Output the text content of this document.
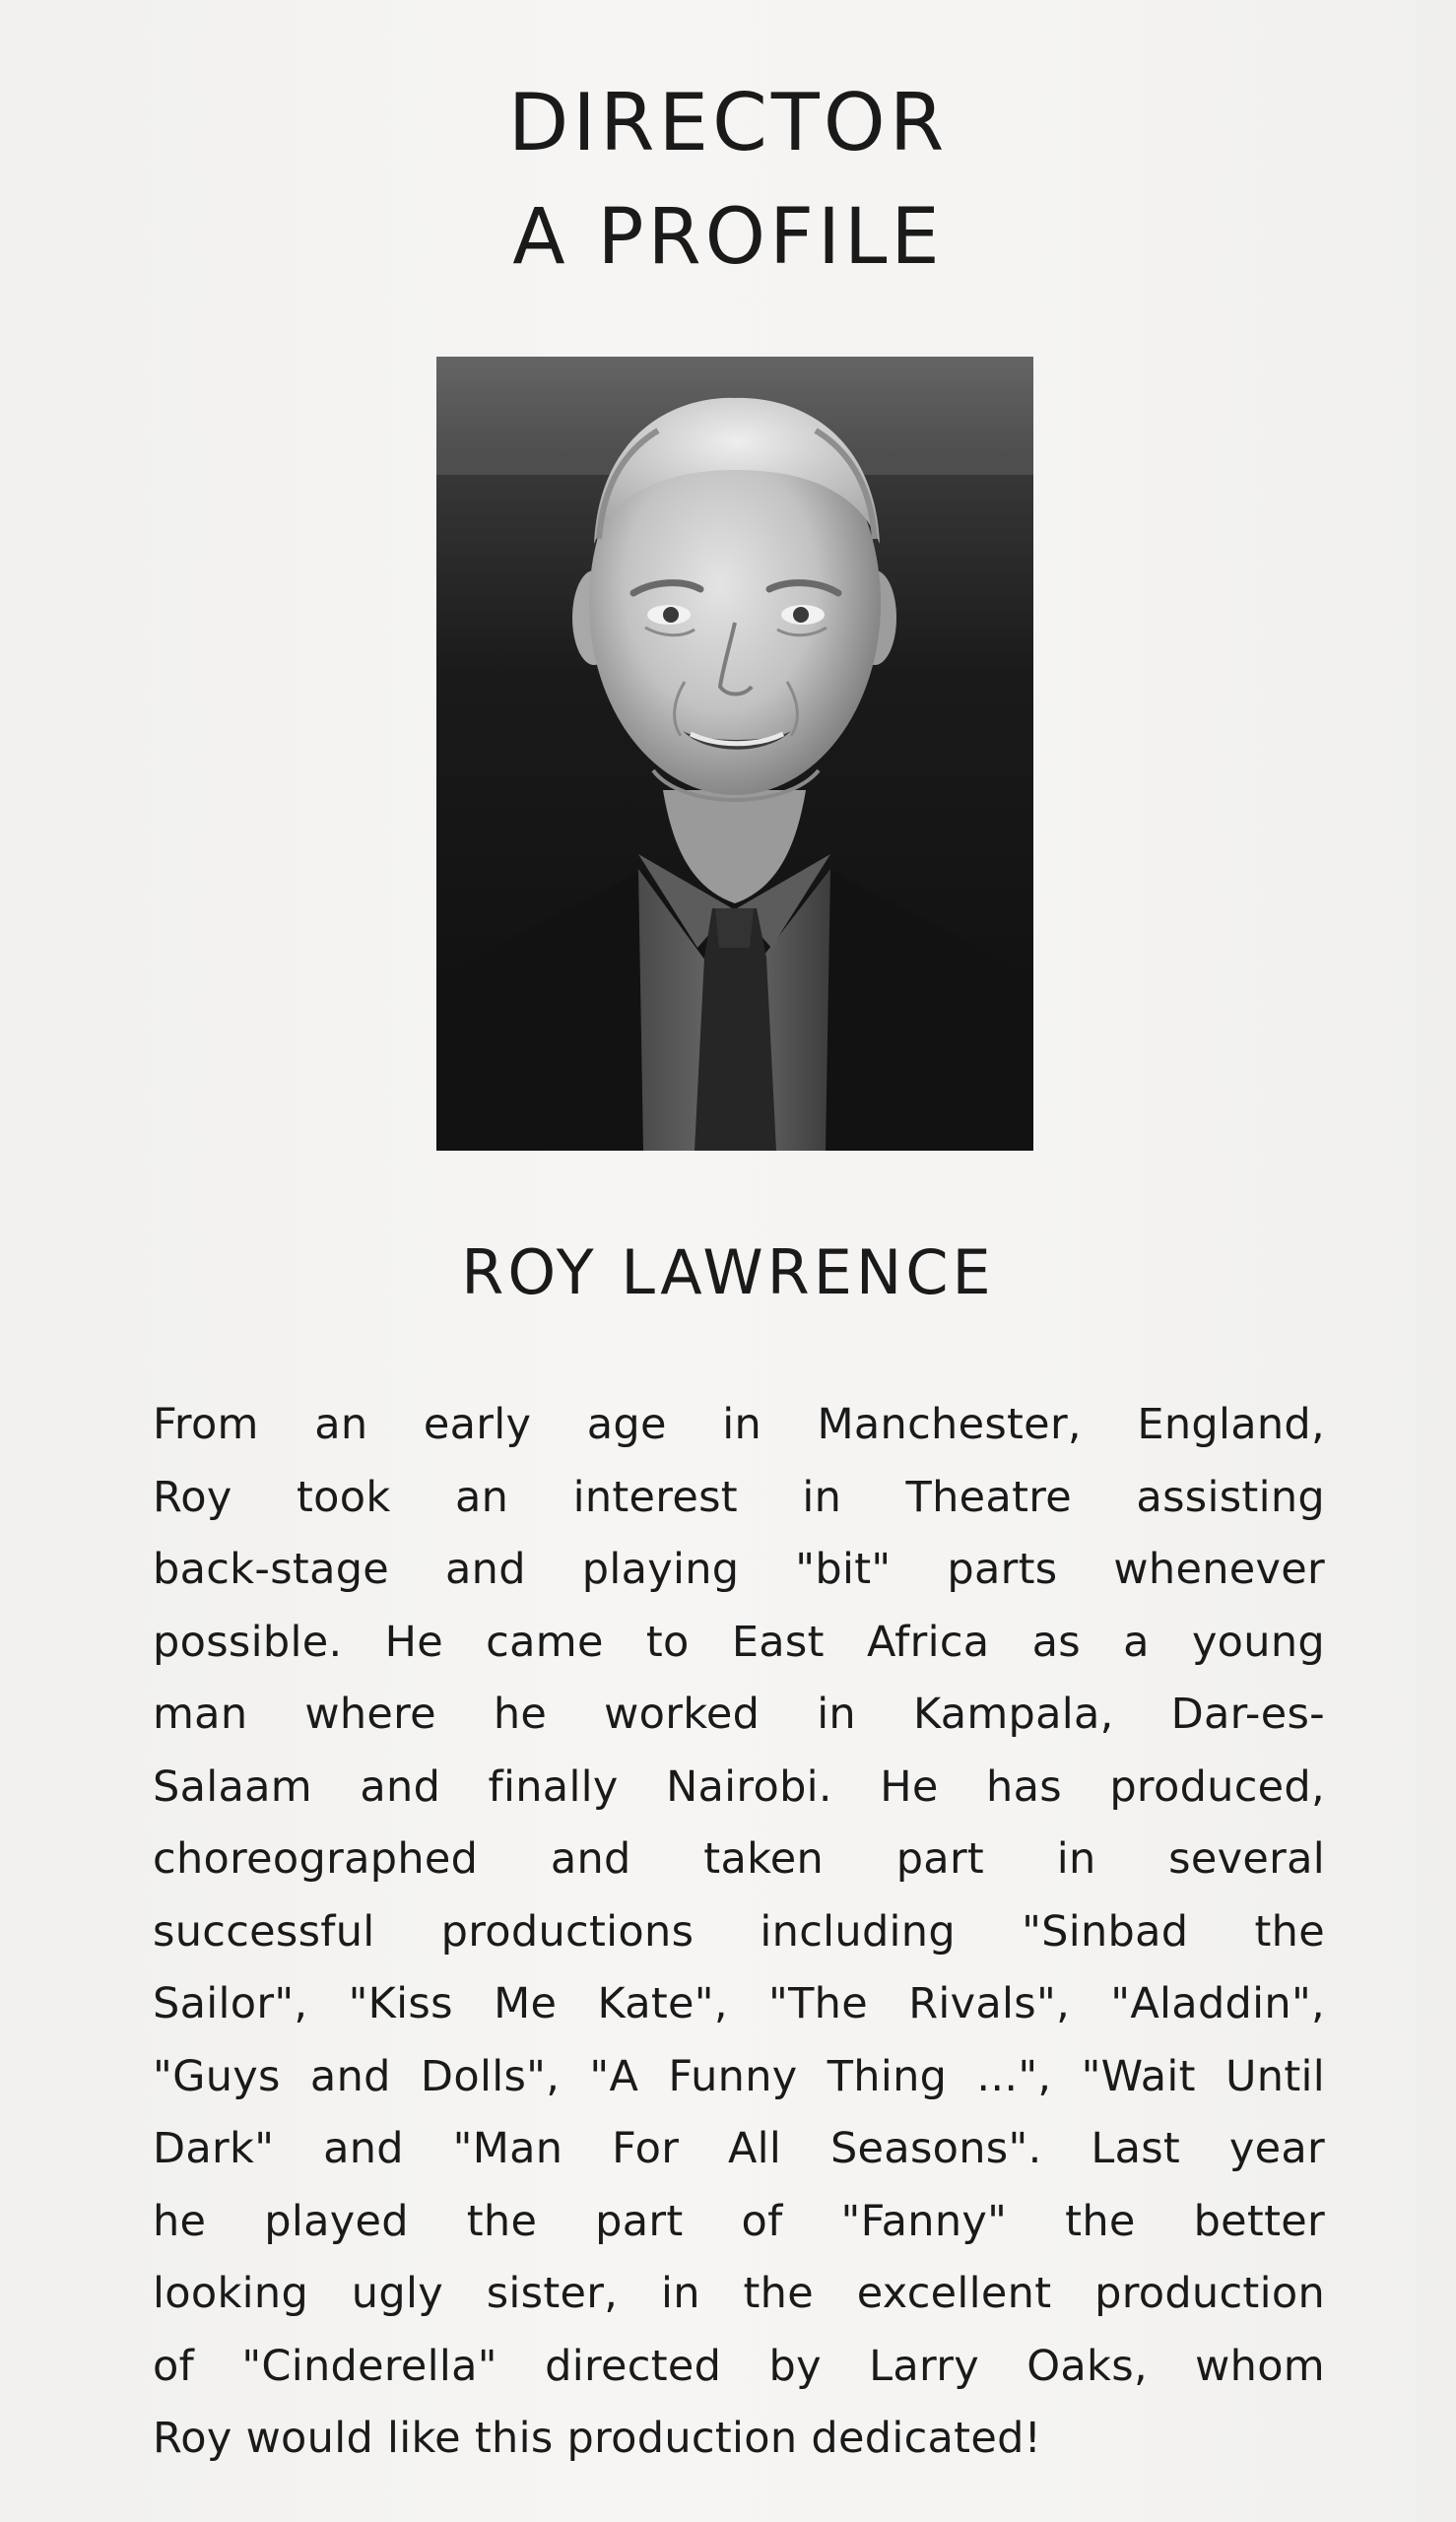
DIRECTOR
A PROFILE
ROY LAWRENCE
From an early age in Manchester, England,
Roy took an interest in Theatre assisting
back-stage and playing "bit" parts whenever
possible. He came to East Africa as a young
man where he worked in Kampala, Dar-es-
Salaam and finally Nairobi. He has produced,
choreographed and taken part in several
successful productions including "Sinbad the
Sailor", "Kiss Me Kate", "The Rivals", "Aladdin",
"Guys and Dolls", "A Funny Thing ...", "Wait Until
Dark" and "Man For All Seasons". Last year
he played the part of "Fanny" the better
looking ugly sister, in the excellent production
of "Cinderella" directed by Larry Oaks, whom
Roy would like this production dedicated!
